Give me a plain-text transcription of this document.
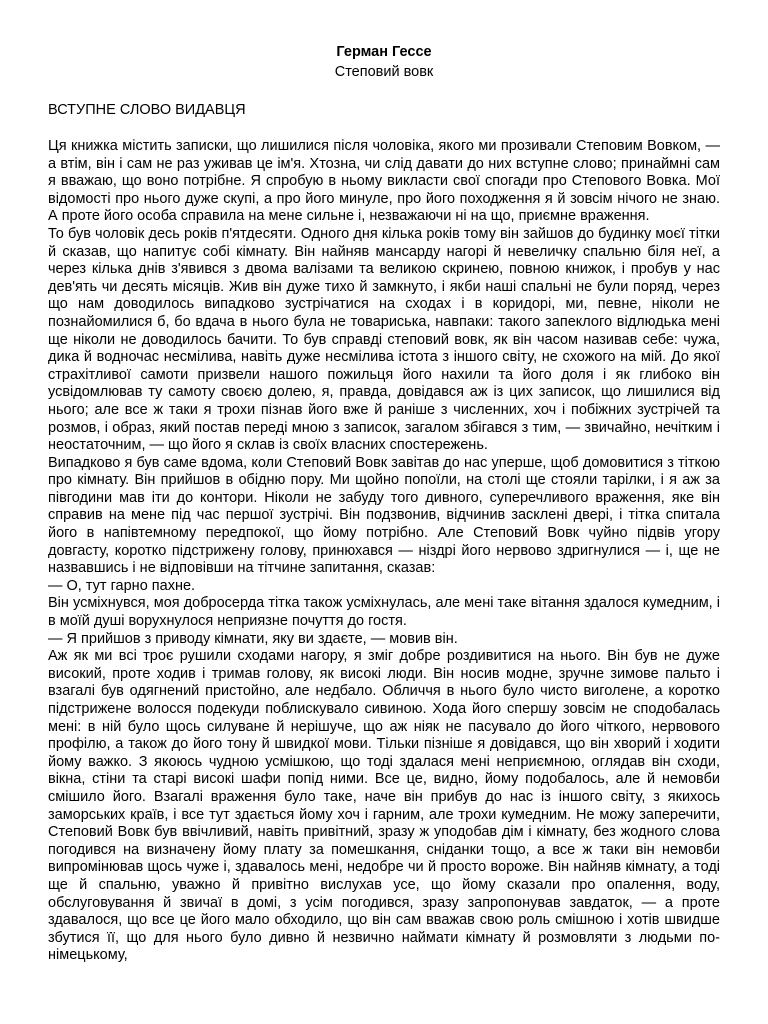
Герман Гессе
Степовий вовк
ВСТУПНЕ СЛОВО ВИДАВЦЯ

Ця книжка містить записки, що лишилися після чоловіка, якого ми прозивали Степовим Вовком, — а втім, він і сам не раз уживав це ім'я. Хтозна, чи слід давати до них вступне слово; принаймні сам я вважаю, що воно потрібне. Я спробую в ньому викласти свої спогади про Степового Вовка. Мої відомості про нього дуже скупі, а про його минуле, про його походження я й зовсім нічого не знаю. А проте його особа справила на мене сильне і, незважаючи ні на що, приємне враження.

То був чоловік десь років п'ятдесяти. Одного дня кілька років тому він зайшов до будинку моєї тітки й сказав, що напитує собі кімнату. Він найняв мансарду нагорі й невеличку спальню біля неї, а через кілька днів з'явився з двома валізами та великою скринею, повною книжок, і пробув у нас дев'ять чи десять місяців. Жив він дуже тихо й замкнуто, і якби наші спальні не були поряд, через що нам доводилось випадково зустрічатися на сходах і в коридорі, ми, певне, ніколи не познайомилися б, бо вдача в нього була не товариська, навпаки: такого запеклого відлюдька мені ще ніколи не доводилось бачити. То був справді степовий вовк, як він часом називав себе: чужа, дика й водночас несмілива, навіть дуже несмілива істота з іншого світу, не схожого на мій. До якої страхітливої самоти призвели нашого пожильця його нахили та його доля і як глибоко він усвідомлював ту самоту своєю долею, я, правда, довідався аж із цих записок, що лишилися від нього; але все ж таки я трохи пізнав його вже й раніше з численних, хоч і побіжних зустрічей та розмов, і образ, який постав переді мною з записок, загалом збігався з тим, — звичайно, нечітким і неостаточним, — що його я склав із своїх власних спостережень.

Випадково я був саме вдома, коли Степовий Вовк завітав до нас уперше, щоб домовитися з тіткою про кімнату. Він прийшов в обідню пору. Ми щойно попоїли, на столі ще стояли тарілки, і я аж за півгодини мав іти до контори. Ніколи не забуду того дивного, суперечливого враження, яке він справив на мене під час першої зустрічі. Він подзвонив, відчинив засклені двері, і тітка спитала його в напівтемному передпокої, що йому потрібно. Але Степовий Вовк чуйно підвів угору довгасту, коротко підстрижену голову, принюхався — ніздрі його нервово здригнулися — і, ще не назвавшись і не відповівши на тітчине запитання, сказав:

— О, тут гарно пахне.

Він усміхнувся, моя добросерда тітка також усміхнулась, але мені таке вітання здалося кумедним, і в моїй душі ворухнулося неприязне почуття до гостя.

— Я прийшов з приводу кімнати, яку ви здаєте, — мовив він.

Аж як ми всі троє рушили сходами нагору, я зміг добре роздивитися на нього. Він був не дуже високий, проте ходив і тримав голову, як високі люди. Він носив модне, зручне зимове пальто і взагалі був одягнений пристойно, але недбало. Обличчя в нього було чисто виголене, а коротко підстрижене волосся подекуди поблискувало сивиною. Хода його спершу зовсім не сподобалась мені: в ній було щось силуване й нерішуче, що аж ніяк не пасувало до його чіткого, нервового профілю, а також до його тону й швидкої мови. Тільки пізніше я довідався, що він хворий і ходити йому важко. З якоюсь чудною усмішкою, що тоді здалася мені неприємною, оглядав він сходи, вікна, стіни та старі високі шафи попід ними. Все це, видно, йому подобалось, але й немовби смішило його. Взагалі враження було таке, наче він прибув до нас із іншого світу, з якихось заморських країв, і все тут здається йому хоч і гарним, але трохи кумедним. Не можу заперечити, Степовий Вовк був ввічливий, навіть привітний, зразу ж уподобав дім і кімнату, без жодного слова погодився на визначену йому плату за помешкання, сніданки тощо, а все ж таки він немовби випромінював щось чуже і, здавалось мені, недобре чи й просто вороже. Він найняв кімнату, а тоді ще й спальню, уважно й привітно вислухав усе, що йому сказали про опалення, воду, обслуговування й звичаї в домі, з усім погодився, зразу запропонував завдаток, — а проте здавалося, що все це його мало обходило, що він сам вважав свою роль смішною і хотів швидше збутися її, що для нього було дивно й незвично наймати кімнату й розмовляти з людьми по-німецькому,
